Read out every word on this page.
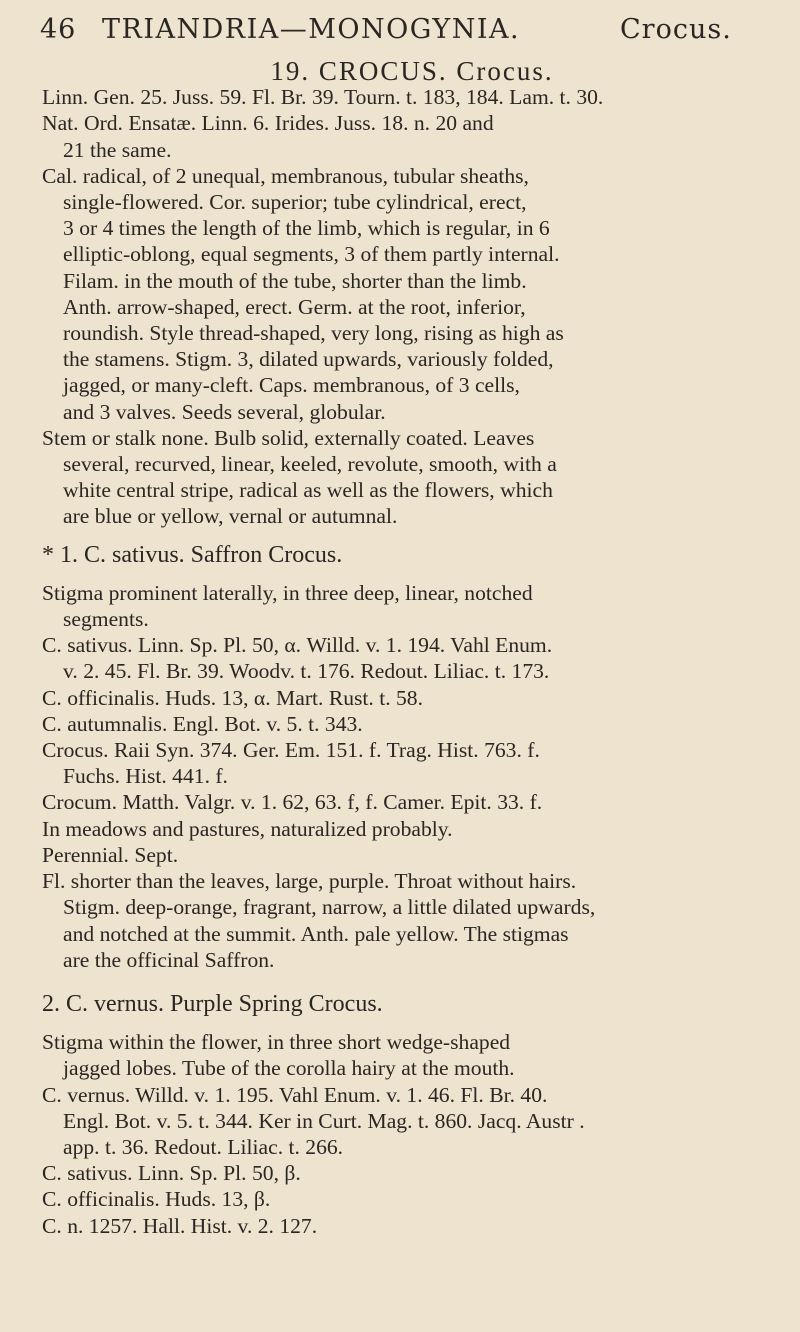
46 TRIANDRIA—MONOGYNIA.	Crocus.
19. CROCUS. Crocus.
Linn. Gen. 25. Juss. 59. Fl. Br. 39. Tourn. t. 183, 184. Lam. t. 30.
Nat. Ord. Ensatæ. Linn. 6. Irides. Juss. 18. n. 20 and
21 the same.
Cal. radical, of 2 unequal, membranous, tubular sheaths,
single-flowered. Cor. superior; tube cylindrical, erect,
3 or 4 times the length of the limb, which is regular, in 6
elliptic-oblong, equal segments, 3 of them partly internal.
Filam. in the mouth of the tube, shorter than the limb.
Anth. arrow-shaped, erect. Germ. at the root, inferior,
roundish. Style thread-shaped, very long, rising as high as
the stamens. Stigm. 3, dilated upwards, variously folded,
jagged, or many-cleft. Caps. membranous, of 3 cells,
and 3 valves. Seeds several, globular.
Stem or stalk none. Bulb solid, externally coated. Leaves
several, recurved, linear, keeled, revolute, smooth, with a
white central stripe, radical as well as the flowers, which
are blue or yellow, vernal or autumnal.
* 1. C. sativus. Saffron Crocus.
Stigma prominent laterally, in three deep, linear, notched
segments.
C. sativus. Linn. Sp. Pl. 50, α. Willd. v. 1. 194. Vahl Enum.
v. 2. 45. Fl. Br. 39. Woodv. t. 176. Redout. Liliac. t. 173.
C. officinalis. Huds. 13, α. Mart. Rust. t. 58.
C. autumnalis. Engl. Bot. v. 5. t. 343.
Crocus. Raii Syn. 374. Ger. Em. 151. f. Trag. Hist. 763. f.
Fuchs. Hist. 441. f.
Crocum. Matth. Valgr. v. 1. 62, 63. f, f. Camer. Epit. 33. f.
In meadows and pastures, naturalized probably.
Perennial. Sept.
Fl. shorter than the leaves, large, purple. Throat without hairs.
Stigm. deep-orange, fragrant, narrow, a little dilated upwards,
and notched at the summit. Anth. pale yellow. The stigmas
are the officinal Saffron.
2. C. vernus. Purple Spring Crocus.
Stigma within the flower, in three short wedge-shaped
jagged lobes. Tube of the corolla hairy at the mouth.
C. vernus. Willd. v. 1. 195. Vahl Enum. v. 1. 46. Fl. Br. 40.
Engl. Bot. v. 5. t. 344. Ker in Curt. Mag. t. 860. Jacq. Austr .
app. t. 36. Redout. Liliac. t. 266.
C. sativus. Linn. Sp. Pl. 50, β.
C. officinalis. Huds. 13, β.
C. n. 1257. Hall. Hist. v. 2. 127.
